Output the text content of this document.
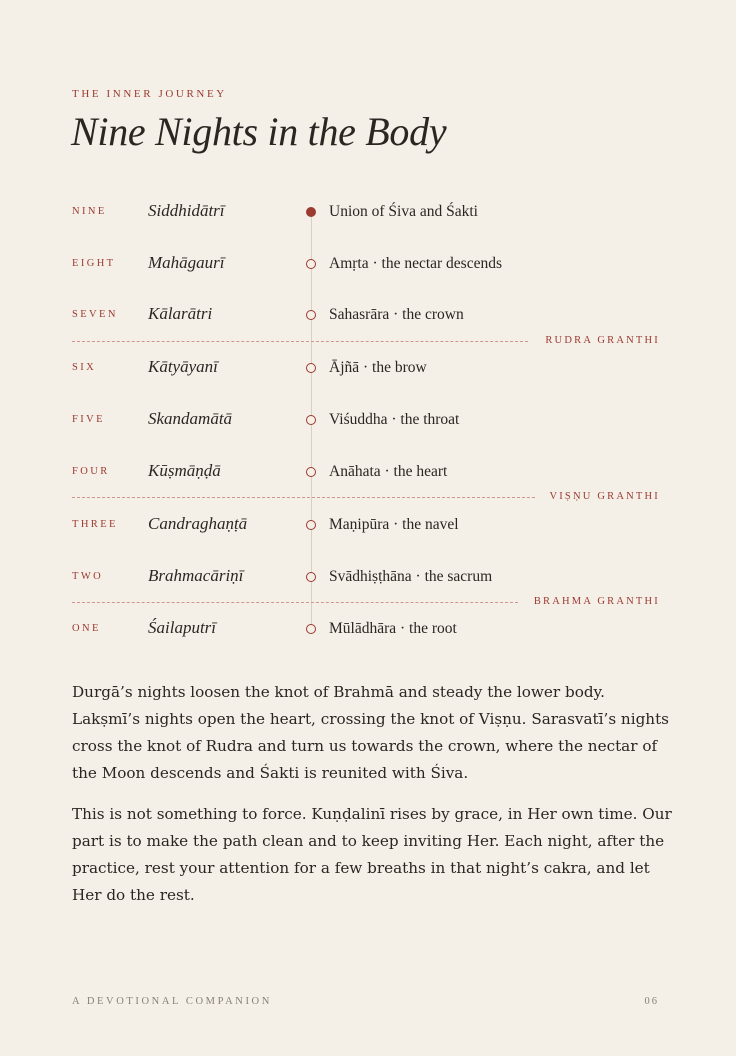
THE INNER JOURNEY
Nine Nights in the Body
NINE Siddhidātrī	Union of Śiva and Śakti
EIGHT Mahāgaurī	Amṛta · the nectar descends
SEVEN Kālarātri	Sahasrāra · the crown
RUDRA GRANTHI
SIX	Kātyāyanī	Ājñā · the brow
FIVE	Skandamātā	Viśuddha · the throat
FOUR Kūṣmāṇḍā	Anāhata · the heart
VIṢṆU GRANTHI
THREE Candraghaṇṭā	Maṇipūra · the navel
TWO	Brahmacāriṇī	Svādhiṣṭhāna · the sacrum
BRAHMA GRANTHI
ONE	Śailaputrī	Mūlādhāra · the root

Durgā’s nights loosen the knot of Brahmā and steady the lower body. Lakṣmī’s nights open the heart, crossing the knot of Viṣṇu. Sarasvatī’s nights cross the knot of Rudra and turn us towards the crown, where the nectar of the Moon descends and Śakti is reunited with Śiva.

This is not something to force. Kuṇḍalinī rises by grace, in Her own time. Our part is to make the path clean and to keep inviting Her. Each night, after the practice, rest your attention for a few breaths in that night’s cakra, and let Her do the rest.

A DEVOTIONAL COMPANION	06
